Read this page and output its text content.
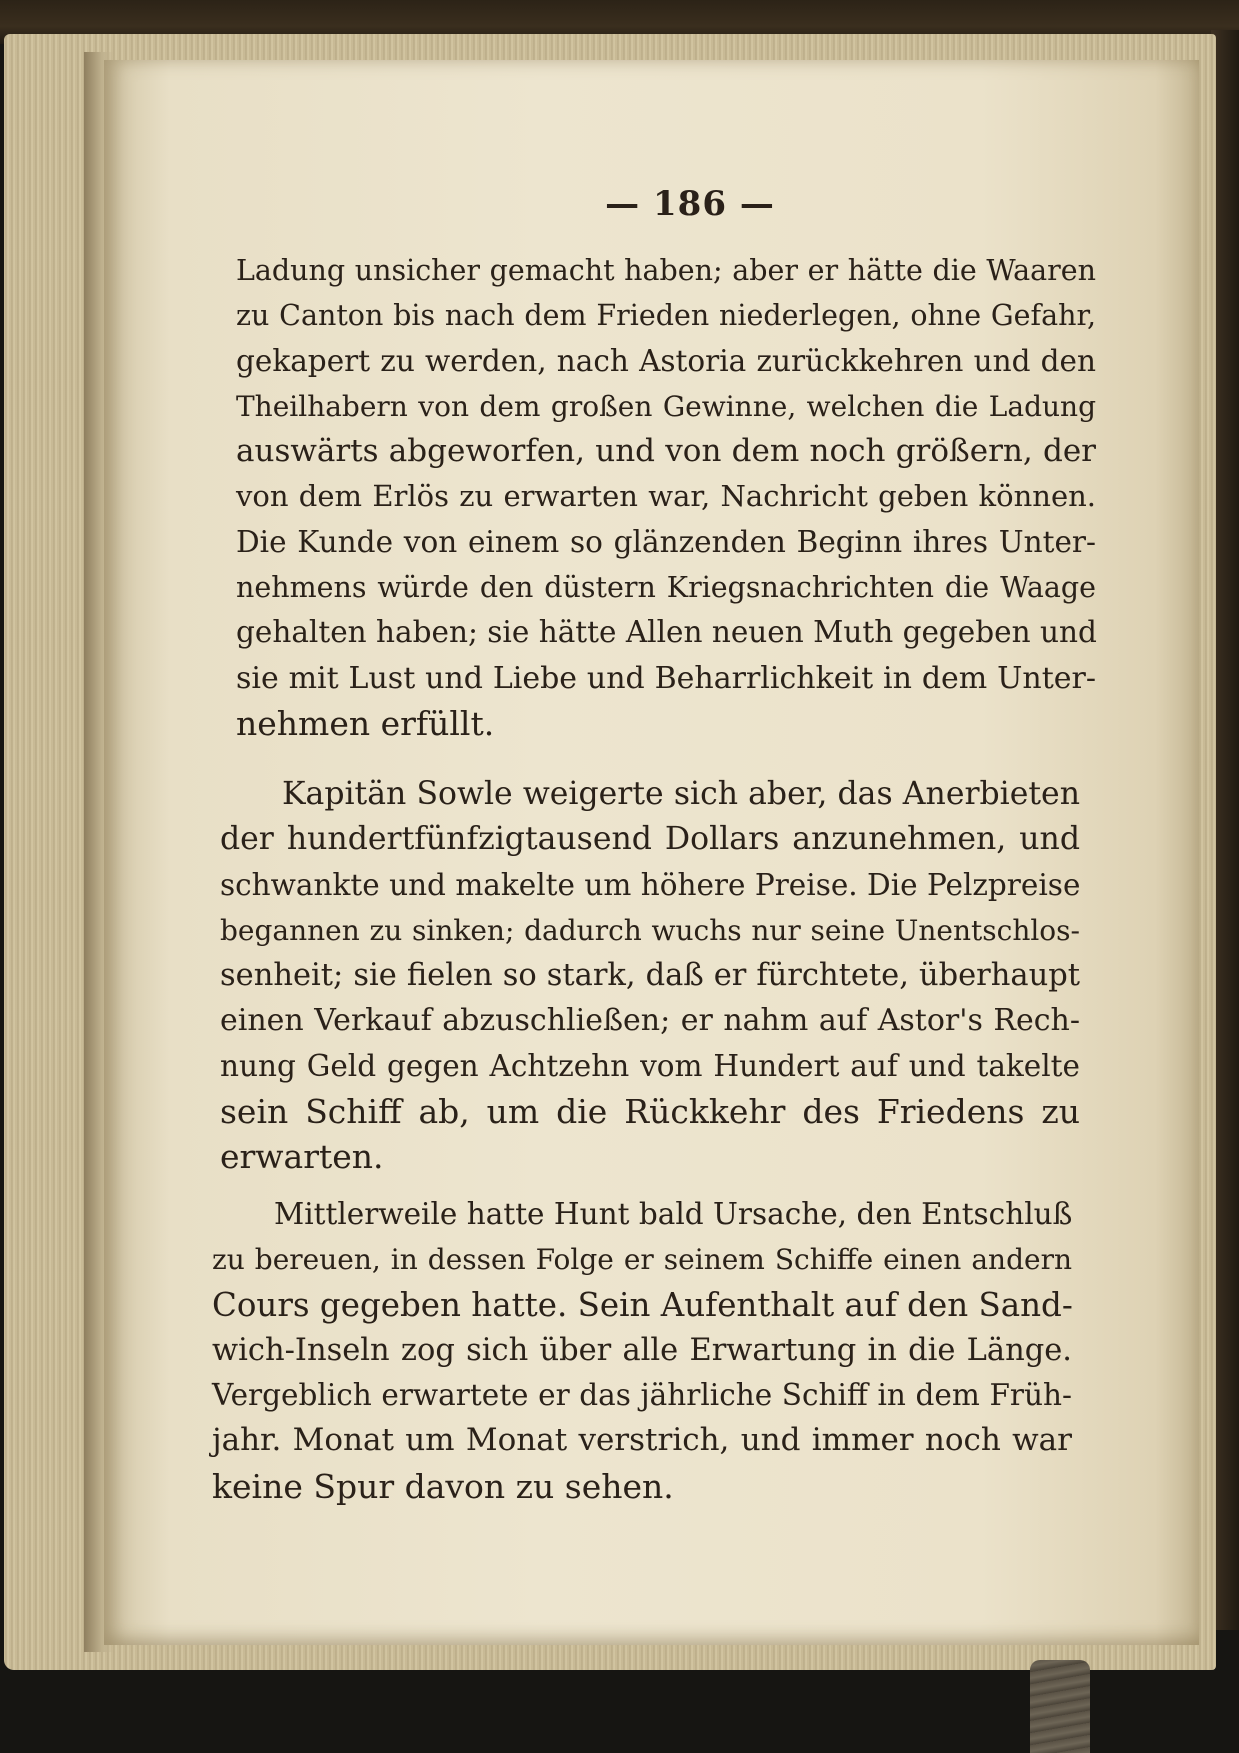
— 186 —
Ladung unsicher gemacht haben; aber er hätte die Waaren
zu Canton bis nach dem Frieden niederlegen, ohne Gefahr,
gekapert zu werden, nach Astoria zurückkehren und den
Theilhabern von dem großen Gewinne, welchen die Ladung
auswärts abgeworfen, und von dem noch größern, der
von dem Erlös zu erwarten war, Nachricht geben können.
Die Kunde von einem so glänzenden Beginn ihres Unter-
nehmens würde den düstern Kriegsnachrichten die Waage
gehalten haben; sie hätte Allen neuen Muth gegeben und
sie mit Lust und Liebe und Beharrlichkeit in dem Unter-
nehmen erfüllt.
Kapitän Sowle weigerte sich aber, das Anerbieten
der hundertfünfzigtausend Dollars anzunehmen, und
schwankte und makelte um höhere Preise. Die Pelzpreise
begannen zu sinken; dadurch wuchs nur seine Unentschlos-
senheit; sie fielen so stark, daß er fürchtete, überhaupt
einen Verkauf abzuschließen; er nahm auf Astor's Rech-
nung Geld gegen Achtzehn vom Hundert auf und takelte
sein Schiff ab, um die Rückkehr des Friedens zu
erwarten.
Mittlerweile hatte Hunt bald Ursache, den Entschluß
zu bereuen, in dessen Folge er seinem Schiffe einen andern
Cours gegeben hatte. Sein Aufenthalt auf den Sand-
wich-Inseln zog sich über alle Erwartung in die Länge.
Vergeblich erwartete er das jährliche Schiff in dem Früh-
jahr. Monat um Monat verstrich, und immer noch war
keine Spur davon zu sehen.
